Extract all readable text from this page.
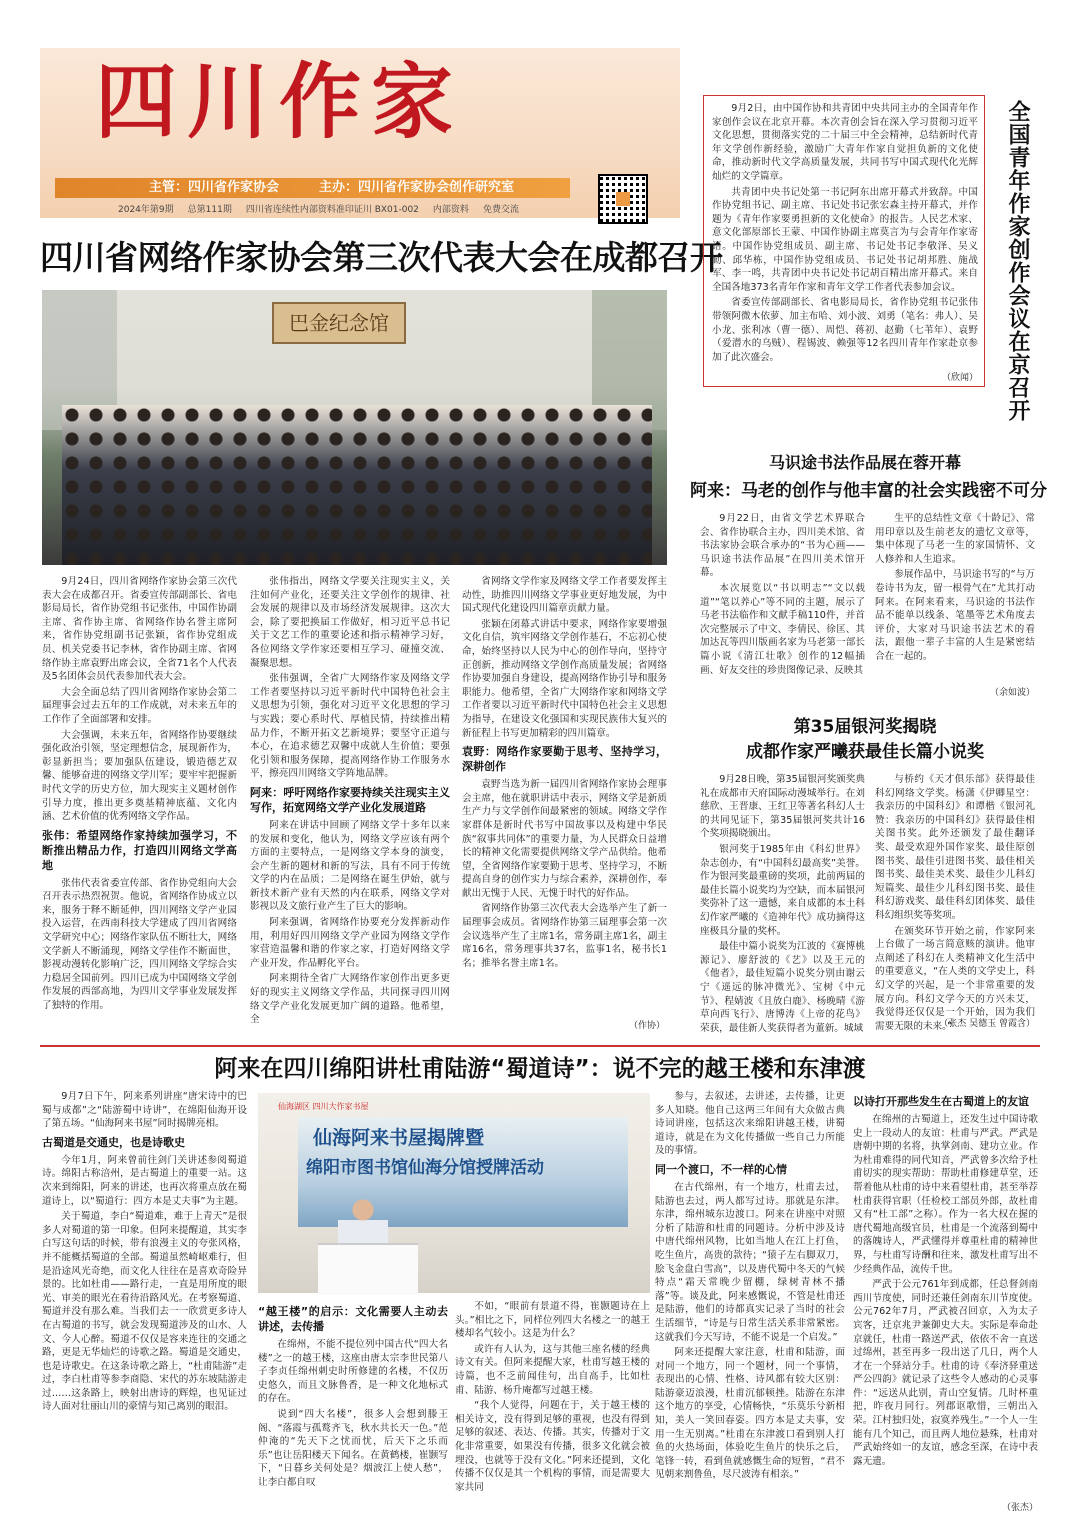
四川作家
主管：四川省作家协会	主办：四川省作家协会创作研究室
2024年第9期 总第111期 四川省连续性内部资料准印证川 BX01-002 内部资料 免费交流
四川省网络作家协会第三次代表大会在成都召开
巴金纪念馆

9月24日，四川省网络作家协会第三次代表大会在成都召开。省委宣传部副部长、省电影局局长，省作协党组书记张伟，中国作协副主席、省作协主席、省网络作协名誉主席阿来，省作协党组副书记张颖，省作协党组成员、机关党委书记李林，省作协副主席、省网络作协主席袁野出席会议，全省71名个人代表及5名团体会员代表参加代表大会。

大会全面总结了四川省网络作家协会第二届理事会过去五年的工作成就，对未来五年的工作作了全面部署和安排。

大会强调，未来五年，省网络作协要继续强化政治引领，坚定理想信念，展现新作为，彰显新担当；要加强队伍建设，锻造德艺双馨、能够奋进的网络文学川军；要牢牢把握新时代文学的历史方位，加大现实主义题材创作引导力度，推出更多奠基精神底蕴、文化内涵、艺术价值的优秀网络文学作品。

张伟：希望网络作家持续加强学习，不断推出精品力作，打造四川网络文学高地

张伟代表省委宣传部、省作协党组向大会召开表示热烈祝贺。他说，省网络作协成立以来，服务于释不断延伸，四川网络文学产业园投入运营，在西南科技大学建成了四川省网络文学研究中心；网络作家队伍不断壮大，网络文学新人不断涌现，网络文学佳作不断面世，影视动漫转化影响广泛，四川网络文学综合实力稳居全国前列。四川已成为中国网络文学创作发展的西部高地，为四川文学事业发展发挥了独特的作用。

张伟指出，网络文学要关注现实主义，关注如何产业化，还要关注文学创作的规律、社会发展的规律以及市场经济发展规律。这次大会，除了要把换届工作做好，相习近平总书记关于文艺工作的重要论述和指示精神学习好，各位网络文学作家还要相互学习、碰撞交流、凝聚思想。

张伟强调，全省广大网络作家及网络文学工作者要坚持以习近平新时代中国特色社会主义思想为引领，强化对习近平文化思想的学习与实践；要心系时代、厚植民情，持续推出精品力作，不断开拓文艺新境界；要坚守正道与本心，在追求德艺双馨中成就人生价值；要强化引领和服务保障，提高网络作协工作服务水平，擦亮四川网络文学阵地品牌。

阿来：呼吁网络作家要持续关注现实主义写作，拓宽网络文学产业化发展道路

阿来在讲话中回顾了网络文学十多年以来的发展和变化，他认为，网络文学应该有两个方面的主要特点，一是网络文学本身的演变，会产生新的题材和新的写法，具有不同于传统文学的内在品质；二是网络在诞生伊始，就与新技术新产业有天然的内在联系，网络文学对影视以及文旅行业产生了巨大的影响。

阿来强调，省网络作协要充分发挥新动作用，利用好四川网络文学产业园为网络文学作家营造温馨和谐的作家之家，打造好网络文学产业开发，作品孵化平台。

阿来期待全省广大网络作家创作出更多更好的现实主义网络文学作品，共同探寻四川网络文学产业化发展更加广阔的道路。他希望，全

省网络文学作家及网络文学工作者要发挥主动性，助推四川网络文学事业更好地发展，为中国式现代化建设四川篇章贡献力量。

张颖在闭幕式讲话中要求，网络作家要增强文化自信，筑牢网络文学创作基石，不忘初心使命，始终坚持以人民为中心的创作导向，坚持守正创新，推动网络文学创作高质量发展；省网络作协要加强自身建设，提高网络作协引导和服务职能力。他希望，全省广大网络作家和网络文学工作者要以习近平新时代中国特色社会主义思想为指导，在建设文化强国和实现民族伟大复兴的新征程上书写更加精彩的四川篇章。

袁野：网络作家要勤于思考、坚持学习，深耕创作

袁野当选为新一届四川省网络作家协会理事会主席，他在就职讲话中表示，网络文学是新质生产力与文学创作间最紧密的领域。网络文学作家群体是新时代书写中国故事以及构建中华民族“叙事共同体”的重要力量，为人民群众日益增长的精神文化需要提供网络文学产品供给。他希望，全省网络作家要勤于思考、坚持学习，不断提高自身的创作实力与综合素养，深耕创作，奉献出无愧于人民、无愧于时代的好作品。

省网络作协第三次代表大会选举产生了新一届理事会成员。省网络作协第三届理事会第一次会议选举产生了主席1名，常务副主席1名，副主席16名，常务理事共37名，监事1名，秘书长1名；推举名誉主席1名。

（作协）

9月2日，由中国作协和共青团中央共同主办的全国青年作家创作会议在北京开幕。本次青创会旨在深入学习贯彻习近平文化思想，贯彻落实党的二十届三中全会精神，总结新时代青年文学创作新经验，激励广大青年作家自觉担负新的文化使命，推动新时代文学高质量发展，共同书写中国式现代化光辉灿烂的文学篇章。

共青团中央书记处第一书记阿东出席开幕式并致辞。中国作协党组书记、副主席、书记处书记张宏森主持开幕式，并作题为《青年作家要勇担新的文化使命》的报告。人民艺术家、意文化部原部长王蒙、中国作协副主席莫言为与会青年作家寄语。中国作协党组成员、副主席、书记处书记李敬泽、吴义勤、邱华栋，中国作协党组成员、书记处书记胡邦胜、施战军、李一鸣，共青团中央书记处书记胡百精出席开幕式。来自全国各地373名青年作家和青年文学工作者代表参加会议。

省委宣传部副部长、省电影局局长，省作协党组书记张伟带领阿微木依萝、加主布哈、刘小波、刘勇（笔名：弗人）、吴小龙、张利冰（曹一德）、周恺、蒋初、赵勤（七苇年）、袁野（爱潜水的乌贼）、程锡波、赖强等12名四川青年作家赴京参加了此次盛会。

（欣闻）	全国青年作家创作会议在京召开
马识途书法作品展在蓉开幕
阿来：马老的创作与他丰富的社会实践密不可分

9月22日，由省文学艺术界联合会、省作协联合主办，四川美术馆、省书法家协会联合承办的“书为心画——马识途书法作品展”在四川美术馆开幕。

本次展览以“书以明志”“文以载道”“笔以养心”等不同的主题，展示了马老书法临作和文献手稿110件，并首次完整展示了中文、李倩民、徐匡、其加达瓦等四川版画名家为马老第一部长篇小说《清江壮歌》创作的12幅插画、好友交往的珍贵图像记录、反映其

生平的总结性文章《十龄记》、常用印章以及生前老友的遗忆文章等，集中体现了马老一生的家国情怀、文人修养和人生追求。

参展作品中，马识途书写的“与万卷诗书为友，留一根骨气在”尤其打动阿来。在阿来看来，马识途的书法作品不能单以线条、笔墨等艺术角度去评价，大家对马识途书法艺术的看法，跟他一辈子丰富的人生是紧密结合在一起的。

（余如波）
第35届银河奖揭晓
成都作家严曦获最佳长篇小说奖

9月28日晚，第35届银河奖颁奖典礼在成都市天府国际动漫城举行。在刘慈欣、王晋康、王红卫等著名科幻人士的共同见证下，第35届银河奖共计16个奖项揭晓颁出。

银河奖于1985年由《科幻世界》杂志创办，有“中国科幻最高奖”美誉。作为银河奖最重磅的奖项，此前两届的最佳长篇小说奖均为空缺，而本届银河奖弥补了这一遗憾，来自成都的本土科幻作家严曦的《造神年代》成功摘得这座极具分量的奖杯。

最佳中篇小说奖为江波的《赛博桃源记》、廖舒波的《艺》以及王元的《他者》，最佳短篇小说奖分别由谢云宁《遥远的脉冲微光》、宝树《中元节》、程婧波《且放白鹿》、杨晚晴《游草向西飞行》、唐博涛《上帝的花鸟》荣获，最佳新人奖获得者为董新。城域

与桥约《天才俱乐部》获得最佳科幻网络文学奖。杨潇《伊卿星空：我亲历的中国科幻》和谭楷《银河礼赞：我亲历的中国科幻》获得最佳相关图书奖。此外还颁发了最佳翻译奖、最受欢迎外国作家奖、最佳原创图书奖、最佳引进图书奖、最佳相关图书奖、最佳美术奖、最佳少儿科幻短篇奖、最佳少儿科幻图书奖、最佳科幻游戏奖、最佳科幻团体奖、最佳科幻组织奖等奖项。

在颁奖环节开始之前，作家阿来上台做了一场言简意赅的演讲。他审点阐述了科幻在人类精神文化生活中的重要意义，“在人类的文学史上，科幻文学的兴起，是一个非常重要的发展方向。科幻文学今天的方兴未艾，我觉得还仅仅是一个开始，因为我们需要无限的未来。”

（张杰 吴德玉 曾霞含）
阿来在四川绵阳讲杜甫陆游“蜀道诗”：说不完的越王楼和东津渡

9月7日下午，阿来系列讲座“唐宋诗中的巴蜀与成都”之“陆游蜀中诗讲”，在绵阳仙海开设了第五场。“仙海阿来书屋”同时揭牌亮相。

古蜀道是交通史，也是诗歌史

今年1月，阿来曾前往剑门关讲述参阅蜀道诗。绵阳古称涪州，是古蜀道上的重要一站。这次来到绵阳，阿来的讲述，也再次将重点放在蜀道诗上，以“蜀道行：四方本是丈夫事”为主题。

关于蜀道，李白“蜀道难，难于上青天”是很多人对蜀道的第一印象。但阿来提醒道，其实李白写这句话的时候，带有浪漫主义的夸张风格，并不能概括蜀道的全部。蜀道虽然崎岖难行，但是沿途风光奇绝，而文化人往往在是喜欢奇险异景的。比如杜甫——路行走，一直是用所度的眼光、审美的眼光在看待沿路风光。在考察蜀道、蜀道并没有那么难。当我们去一一欣赏更多诗人在古蜀道的书写，就会发现蜀道涉及的山水、人文、今人心醉。蜀道不仅仅是容来连往的交通之路，更是无华灿烂的诗歌之路。蜀道是交通史，也是诗歌史。在这条诗歌之路上，“杜甫陆游”走过，李白杜甫等参李商隐、宋代的苏东坡陆游走过……这条路上，映射出唐诗的辉煌，也见证过诗人面对壮丽山川的豪情与知己离别的眼泪。

仙海湖区 四川大作家书屋
仙海阿来书屋揭牌暨
绵阳市图书馆仙海分馆授牌活动
“越王楼”的启示：文化需要人主动去讲述，去传播

在绵州，不能不提位列中国古代“四大名楼”之一的越王楼，这座由唐太宗李世民第八子李贞任绵州刺史时所修建的名楼，不仅历史悠久，而且文脉鲁香，是一种文化地标式的存在。

说到“四大名楼”，很多人会想到滕王阁、“落霞与孤鹜齐飞，秋水共长天一色。”范仲淹的“先天下之忧而忧，后天下之乐而乐”也让岳阳楼天下闻名。在黄鹤楼，崔颢写下，“日暮乡关何处是？烟波江上使人愁”，让李白都自叹

不如，“眼前有景道不得，崔颢题诗在上头。”相比之下，同样位列四大名楼之一的越王楼却名气较小。这是为什么？

或许有人认为，这与其他三座名楼的经典诗文有关。但阿来提醒大家，杜甫写越王楼的诗篇，也不乏前闻佳句，出自高手，比如杜甫、陆游、杨升庵都写过越王楼。

“我个人觉得，问题在于，关于越王楼的相关诗文，没有得到足够的重视，也没有得到足够的叙述、表达、传播。其实，传播对于文化非常重要，如果没有传播，很多文化就会被埋没，也就等于没有文化。”阿来还提到，文化传播不仅仅是其一个机构的事情，而是需要大家共同

参与，去叙述，去讲述，去传播，让更多人知晓。他自己这两三年间有大众做古典诗词讲座，包括这次来绵阳讲越王楼，讲蜀道诗，就是在为文化传播做一些自己力所能及的事情。

同一个渡口，不一样的心情

在古代绵州，有一个地方，杜甫去过，陆游也去过，两人都写过诗。那就是东津。东津，绵州城东边渡口。阿来在讲座中对照分析了陆游和杜甫的同题诗。分析中涉及诗中唐代绵州风物，比如当地人在江上打鱼，吃生鱼片，高贵的款待；“猿子左右脚双刀，脍飞金盘白雪高”，以及唐代蜀中冬天的气候特点“霜天常晚少留棚，绿树青林不播落”等。谈及此，阿来感慨说，不管是杜甫还是陆游，他们的诗都真实记录了当时的社会生活细节，“诗是与日常生活关系非常紧密。这就我们今天写诗，不能不说是一个启发。”

阿来还提醒大家注意，杜甫和陆游，面对同一个地方，同一个题材，同一个事情，表现出的心情、性格、诗风都有较大区别：陆游豪迈浪漫，杜甫沉郁顿挫。陆游在东津这个地方的享受，心情畅快，“乐莫乐兮新相知，美人一笑回春姿。四方本是丈夫事，安用一生无别离。”杜甫在东津渡口看到别人打鱼的火热场面，体验吃生鱼片的快乐之后，笔锋一转，看到鱼就感慨生命的短暂，“君不见朝来割鲁鱼，尽尺波涛有相亲。”

以诗打开那些发生在古蜀道上的友谊

在绵州的古蜀道上，还发生过中国诗歌史上一段动人的友谊：杜甫与严武。严武是唐朝中期的名将，执掌剑南、建功立业。作为杜甫难得的同代知音，严武曾多次给予杜甫切实的现实帮助：帮助杜甫修建草堂，还帮着他从杜甫的诗中来看望杜甫，甚至举荐杜甫获得官职（任检校工部员外郎，故杜甫又有“杜工部”之称）。作为一名大权在握的唐代蜀地高级官员，杜甫是一个流落到蜀中的落魄诗人，严武懂得并尊重杜甫的精神世界，与杜甫写诗酬和往来，激发杜甫写出不少经典作品，流传千世。

严武于公元761年到成都，任总督剑南西川节度使，同时还兼任剑南东川节度使。公元762年7月，严武被召回京，入为太子宾客，迁京兆尹兼御史大夫。实际是奉命赴京就任，杜甫一路送严武，依依不舍一直送过绵州，甚至再多一段出送了几日，两个人才在一个驿站分手。杜甫的诗《奉济驿重送严公四韵》就记录了这些令人感动的心灵事件：“远送从此别，青山空复情。几时杯重把，昨夜月同行。列郡讴歌惜，三朝出入荣。江村独归处，寂寞养残生。”一个人一生能有几个知己，而且两人地位悬殊，杜甫对严武始终如一的友谊，感念至深，在诗中表露无遗。

（张杰）
